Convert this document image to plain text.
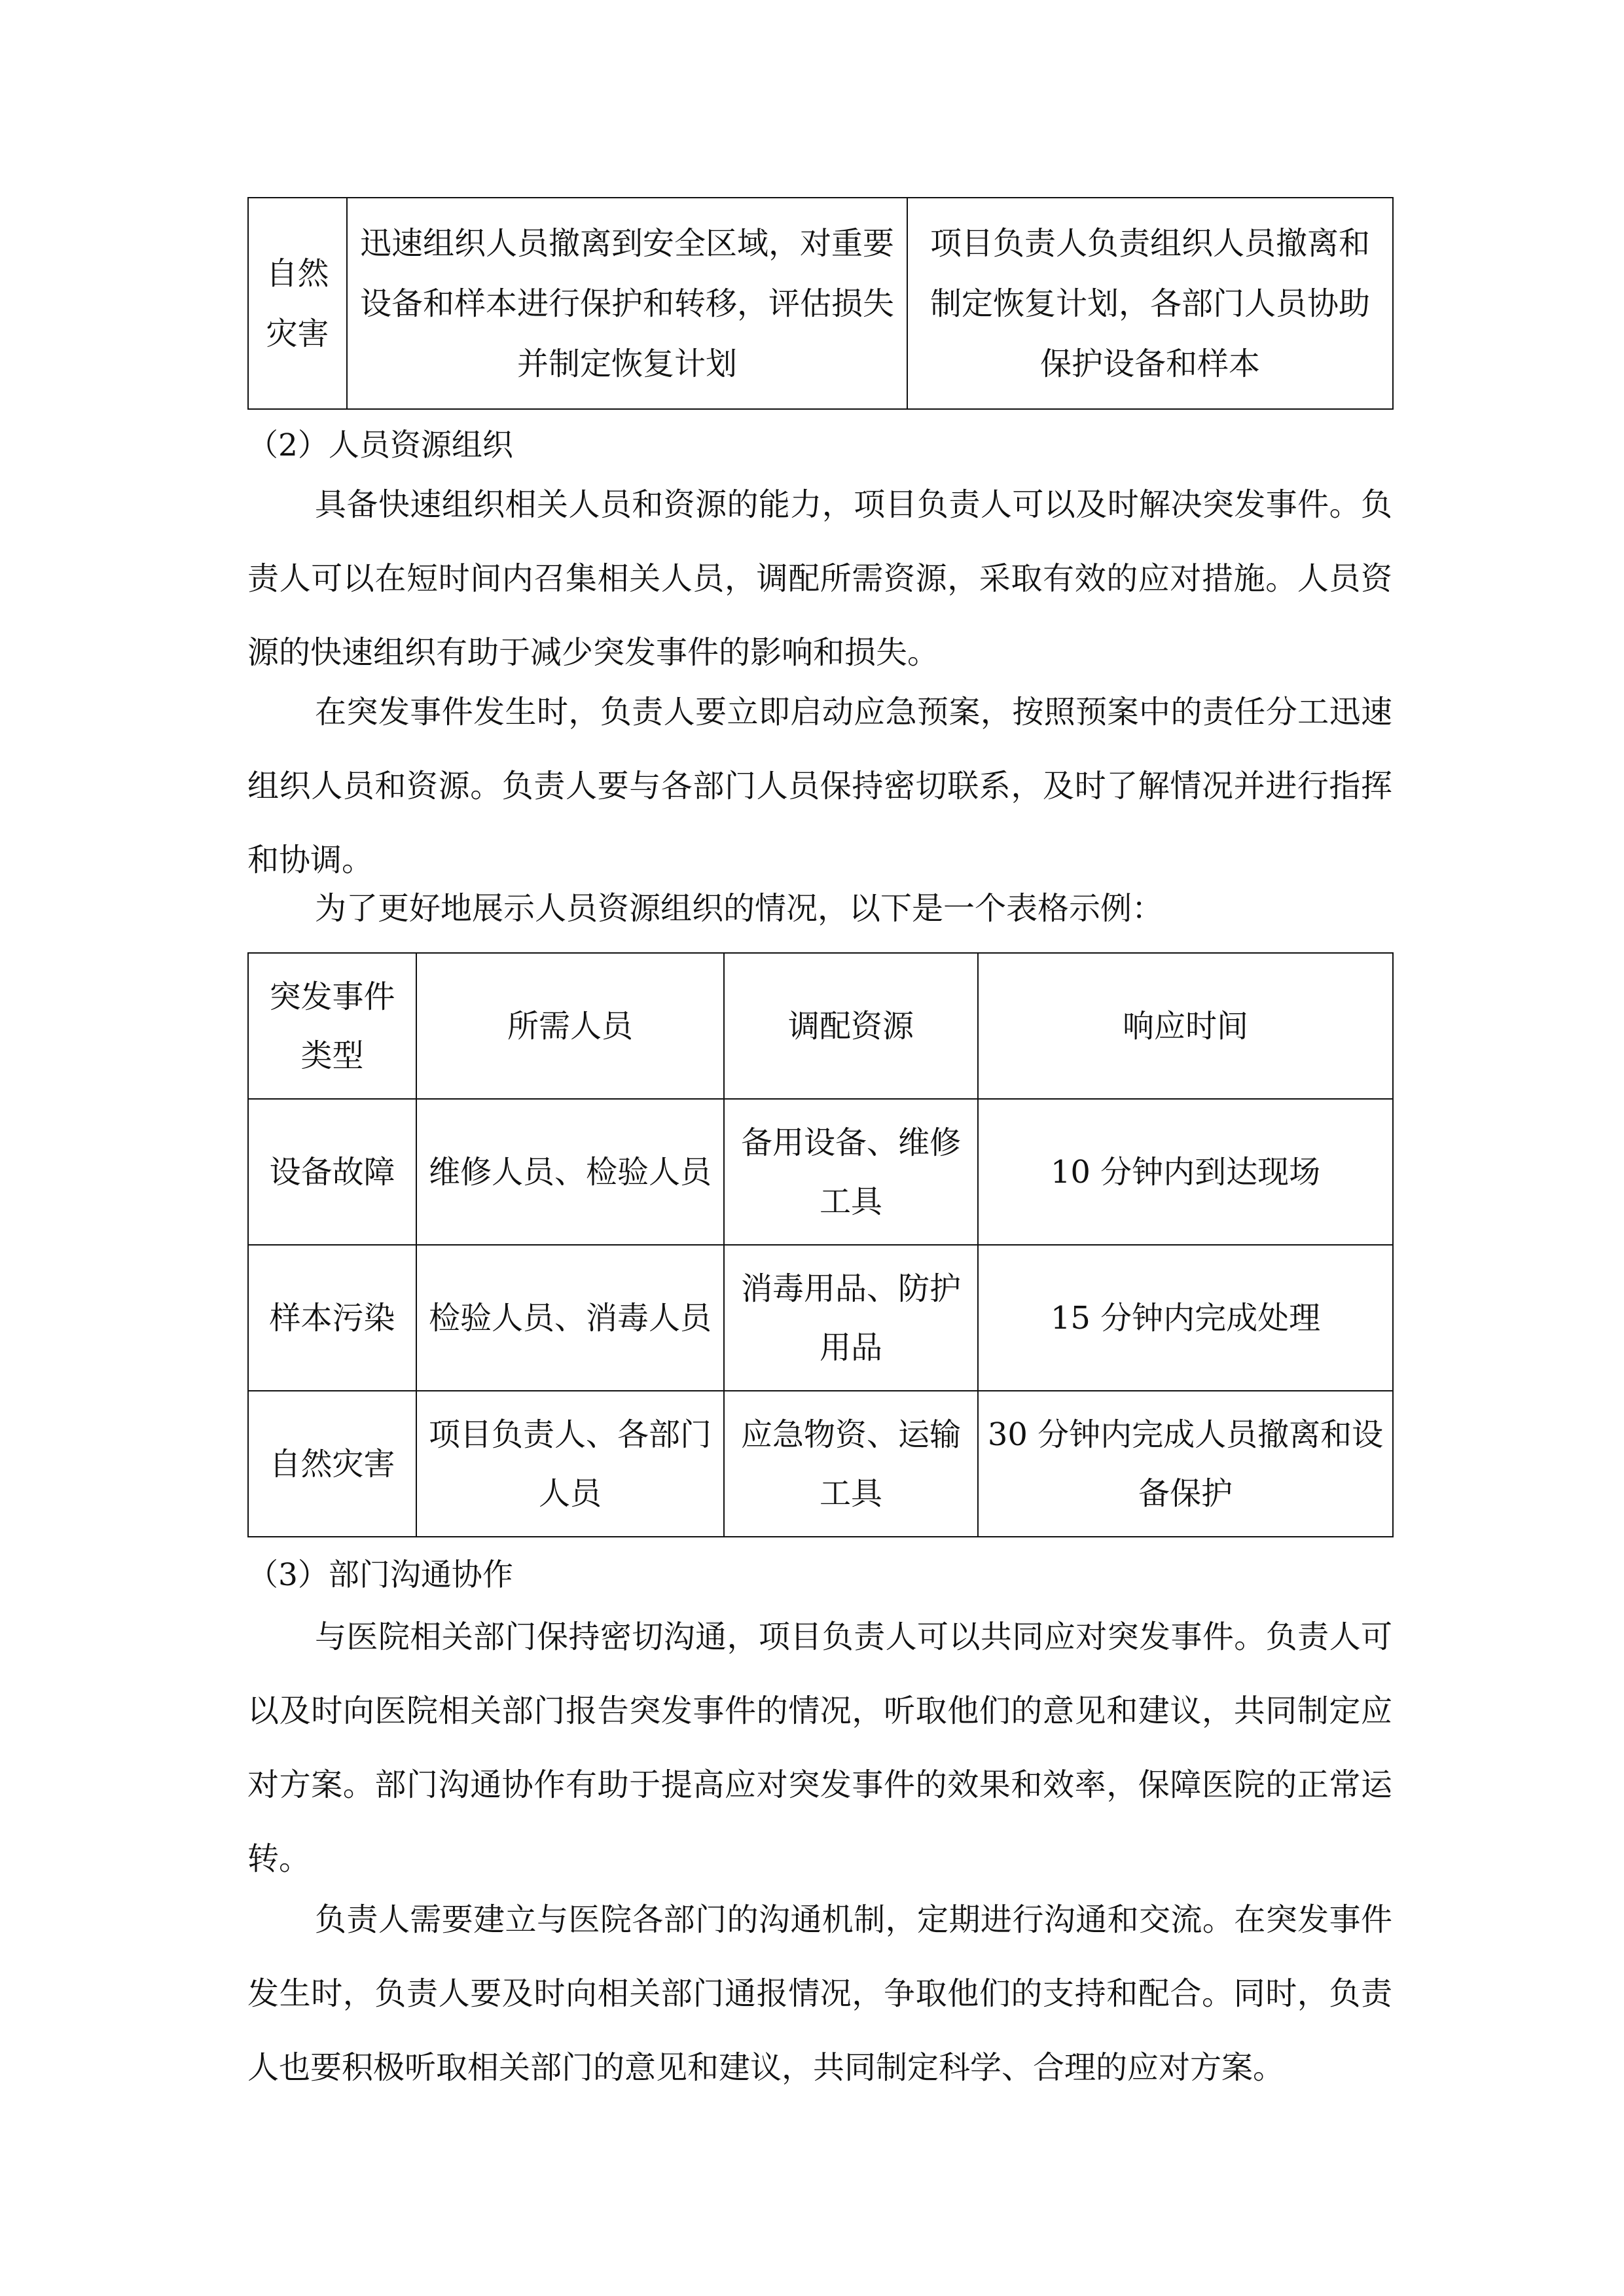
自然灾害	迅速组织人员撤离到安全区域，对重要设备和样本进行保护和转移，评估损失并制定恢复计划	项目负责人负责组织人员撤离和制定恢复计划，各部门人员协助保护设备和样本

（2）人员资源组织

具备快速组织相关人员和资源的能力，项目负责人可以及时解决突发事件。负责人可以在短时间内召集相关人员，调配所需资源，采取有效的应对措施。人员资源的快速组织有助于减少突发事件的影响和损失。

在突发事件发生时，负责人要立即启动应急预案，按照预案中的责任分工迅速组织人员和资源。负责人要与各部门人员保持密切联系，及时了解情况并进行指挥和协调。

为了更好地展示人员资源组织的情况，以下是一个表格示例：

突发事件类型	所需人员	调配资源	响应时间
设备故障	维修人员、检验人员	备用设备、维修工具	10 分钟内到达现场
样本污染	检验人员、消毒人员	消毒用品、防护用品	15 分钟内完成处理
自然灾害	项目负责人、各部门人员	应急物资、运输工具	30 分钟内完成人员撤离和设备保护

（3）部门沟通协作

与医院相关部门保持密切沟通，项目负责人可以共同应对突发事件。负责人可以及时向医院相关部门报告突发事件的情况，听取他们的意见和建议，共同制定应对方案。部门沟通协作有助于提高应对突发事件的效果和效率，保障医院的正常运转。

负责人需要建立与医院各部门的沟通机制，定期进行沟通和交流。在突发事件发生时，负责人要及时向相关部门通报情况，争取他们的支持和配合。同时，负责人也要积极听取相关部门的意见和建议，共同制定科学、合理的应对方案。
